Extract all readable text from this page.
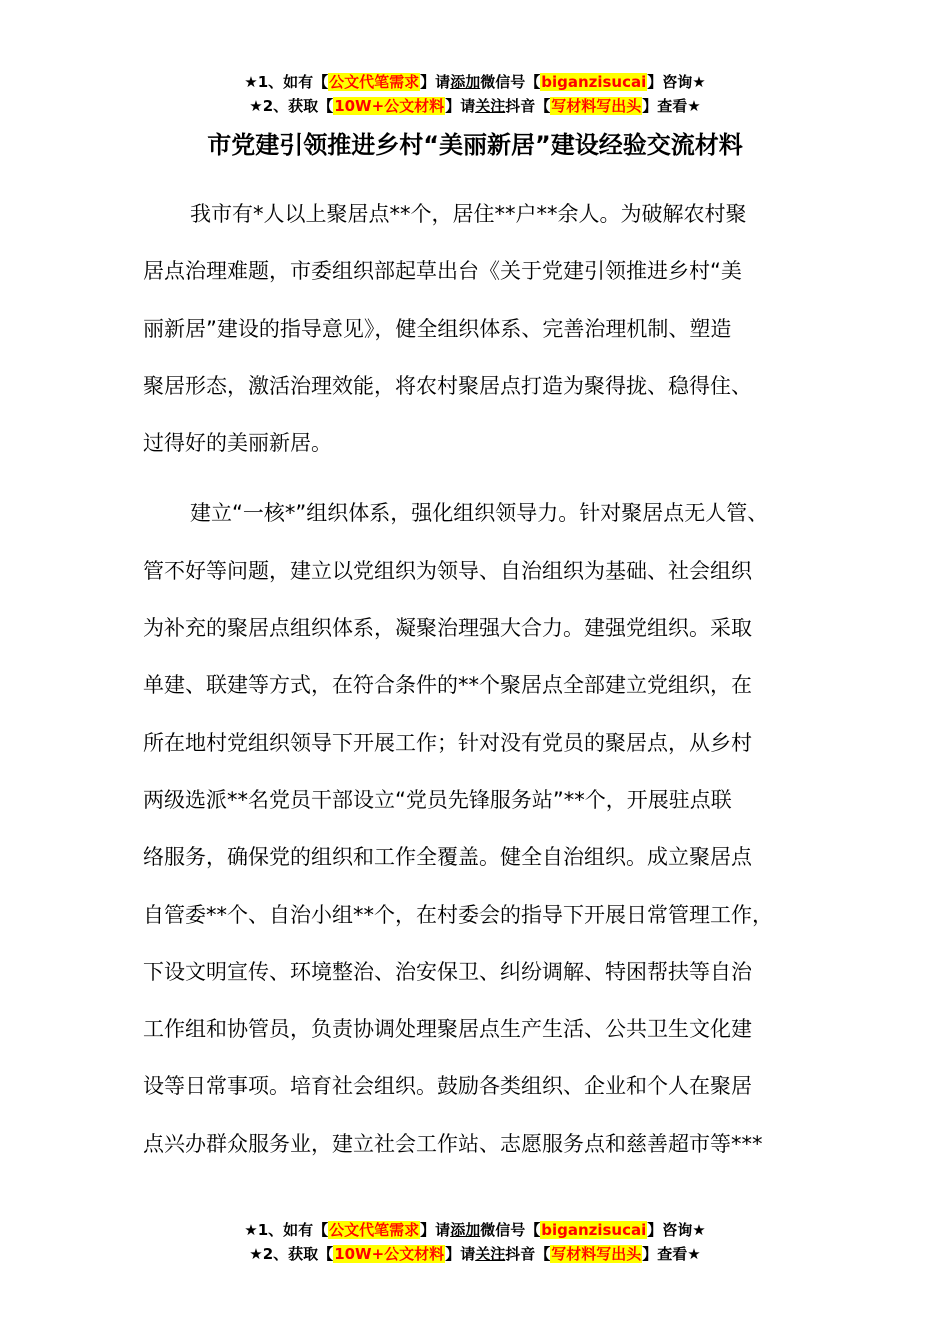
★1、如有【公文代笔需求】请添加微信号【biganzisucai】咨询★
★2、获取【10W+公文材料】请关注抖音【写材料写出头】查看★
市党建引领推进乡村“美丽新居”建设经验交流材料
我市有*人以上聚居点**个，居住**户**余人。为破解农村聚
居点治理难题，市委组织部起草出台《关于党建引领推进乡村“美
丽新居”建设的指导意见》，健全组织体系、完善治理机制、塑造
聚居形态，激活治理效能，将农村聚居点打造为聚得拢、稳得住、
过得好的美丽新居。
建立“一核*”组织体系，强化组织领导力。针对聚居点无人管、
管不好等问题，建立以党组织为领导、自治组织为基础、社会组织
为补充的聚居点组织体系，凝聚治理强大合力。建强党组织。采取
单建、联建等方式，在符合条件的**个聚居点全部建立党组织，在
所在地村党组织领导下开展工作；针对没有党员的聚居点，从乡村
两级选派**名党员干部设立“党员先锋服务站”**个，开展驻点联
络服务，确保党的组织和工作全覆盖。健全自治组织。成立聚居点
自管委**个、自治小组**个，在村委会的指导下开展日常管理工作，
下设文明宣传、环境整治、治安保卫、纠纷调解、特困帮扶等自治
工作组和协管员，负责协调处理聚居点生产生活、公共卫生文化建
设等日常事项。培育社会组织。鼓励各类组织、企业和个人在聚居
点兴办群众服务业，建立社会工作站、志愿服务点和慈善超市等***
★1、如有【公文代笔需求】请添加微信号【biganzisucai】咨询★
★2、获取【10W+公文材料】请关注抖音【写材料写出头】查看★
